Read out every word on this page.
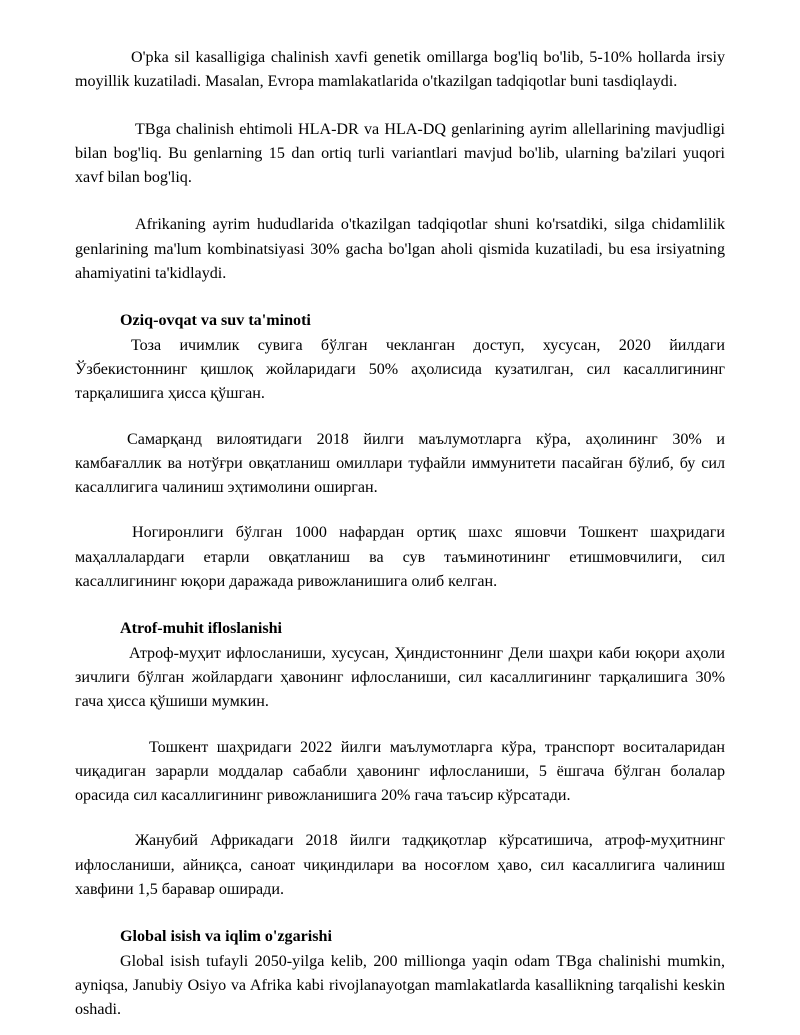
O'pka sil kasalligiga chalinish xavfi genetik omillarga bog'liq bo'lib, 5-10% hollarda irsiy moyillik kuzatiladi. Masalan, Evropa mamlakatlarida o'tkazilgan tadqiqotlar buni tasdiqlaydi.

TBga chalinish ehtimoli HLA-DR va HLA-DQ genlarining ayrim allellarining mavjudligi bilan bog'liq. Bu genlarning 15 dan ortiq turli variantlari mavjud bo'lib, ularning ba'zilari yuqori xavf bilan bog'liq.

Afrikaning ayrim hududlarida o'tkazilgan tadqiqotlar shuni ko'rsatdiki, silga chidamlilik genlarining ma'lum kombinatsiyasi 30% gacha bo'lgan aholi qismida kuzatiladi, bu esa irsiyatning ahamiyatini ta'kidlaydi.

Oziq-ovqat va suv ta'minoti

Тоза ичимлик сувига бўлган чекланган доступ, хусусан, 2020 йилдаги Ўзбекистоннинг қишлоқ жойларидаги 50% аҳолисида кузатилган, сил касаллигининг тарқалишига ҳисса қўшган.

Самарқанд вилоятидаги 2018 йилги маълумотларга кўра, аҳолининг 30% и камбағаллик ва нотўғри овқатланиш омиллари туфайли иммунитети пасайган бўлиб, бу сил касаллигига чалиниш эҳтимолини оширган.

Ногиронлиги бўлган 1000 нафардан ортиқ шахс яшовчи Тошкент шаҳридаги маҳаллалардаги етарли овқатланиш ва сув таъминотининг етишмовчилиги, сил касаллигининг юқори даражада ривожланишига олиб келган.

Atrof-muhit ifloslanishi

Атроф-муҳит ифлосланиши, хусусан, Ҳиндистоннинг Дели шаҳри каби юқори аҳоли зичлиги бўлган жойлардаги ҳавонинг ифлосланиши, сил касаллигининг тарқалишига 30% гача ҳисса қўшиши мумкин.

Тошкент шаҳридаги 2022 йилги маълумотларга кўра, транспорт воситаларидан чиқадиган зарарли моддалар сабабли ҳавонинг ифлосланиши, 5 ёшгача бўлган болалар орасида сил касаллигининг ривожланишига 20% гача таъсир кўрсатади.

Жанубий Африкадаги 2018 йилги тадқиқотлар кўрсатишича, атроф-муҳитнинг ифлосланиши, айниқса, саноат чиқиндилари ва носоғлом ҳаво, сил касаллигига чалиниш хавфини 1,5 баравар оширади.

Global isish va iqlim o'zgarishi

Global isish tufayli 2050-yilga kelib, 200 millionga yaqin odam TBga chalinishi mumkin, ayniqsa, Janubiy Osiyo va Afrika kabi rivojlanayotgan mamlakatlarda kasallikning tarqalishi keskin oshadi.
